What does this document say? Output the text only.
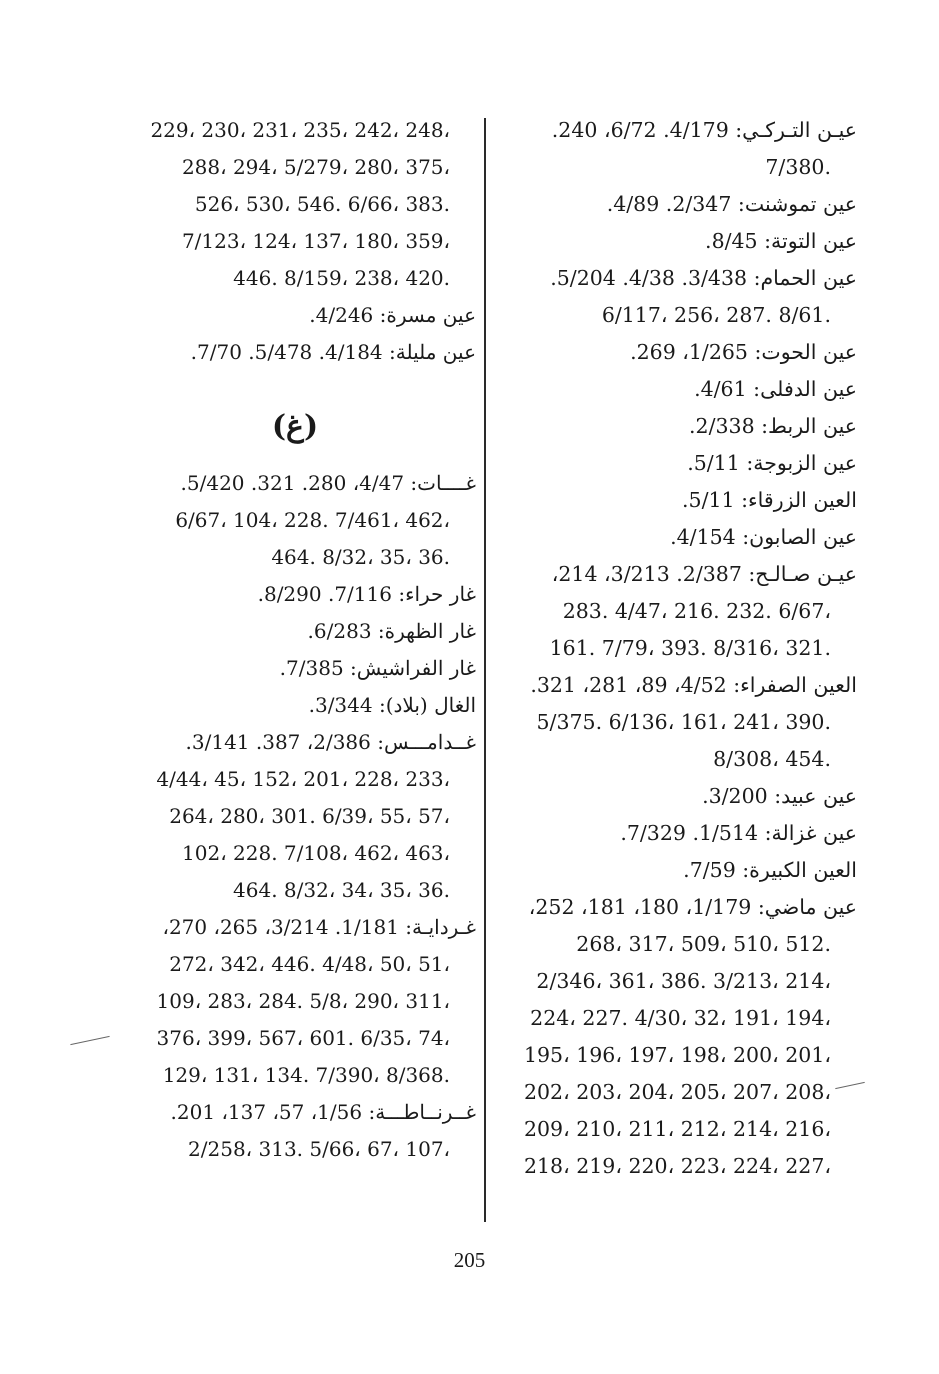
عيـن التـركـي: 4/179. 6/72، 240.
7/380.
عين تموشنت: 2/347. 4/89.
عين التوتة: 8/45.
عين الحمام: 3/438. 4/38. 5/204.
6/117، 256، 287. 8/61.
عين الحوت: 1/265، 269.
عين الدفلى: 4/61.
عين الربط: 2/338.
عين الزبوجة: 5/11.
العين الزرقاء: 5/11.
عين الصابون: 4/154.
عيـن صـالـح: 2/387. 3/213، 214،
283. 4/47، 216. 232. 6/67،
161. 7/79، 393. 8/316، 321.
العين الصفراء: 4/52، 89، 281، 321.
5/375. 6/136، 161، 241، 390.
8/308، 454.
عين عبيد: 3/200.
عين غزالة: 1/514. 7/329.
العين الكبيرة: 7/59.
عين ماضي: 1/179، 180، 181، 252،
268، 317، 509، 510، 512.
2/346، 361، 386. 3/213، 214،
224، 227. 4/30، 32، 191، 194،
195، 196، 197، 198، 200، 201،
202، 203، 204، 205، 207، 208،
209، 210، 211، 212، 214، 216،
218، 219، 220، 223، 224، 227،
229، 230، 231، 235، 242، 248،
288، 294، 5/279، 280، 375،
526، 530، 546. 6/66، 383.
7/123، 124، 137، 180، 359،
446. 8/159، 238، 420.
عين مسرة: 4/246.
عين مليلة: 4/184. 5/478. 7/70.
(غ)
غــــات: 4/47، 280. 321. 5/420.
6/67، 104، 228. 7/461، 462،
464. 8/32، 35، 36.
غار حراء: 7/116. 8/290.
غار الظهرة: 6/283.
غار الفراشيش: 7/385.
الغال (بلاد): 3/344.
غــدامـــس: 2/386، 387. 3/141.
4/44، 45، 152، 201، 228، 233،
264، 280، 301. 6/39، 55، 57،
102، 228. 7/108، 462، 463،
464. 8/32، 34، 35، 36.
غـردايـة: 1/181. 3/214، 265، 270،
272، 342، 446. 4/48، 50، 51،
109، 283، 284. 5/8، 290، 311،
376، 399، 567، 601. 6/35، 74،
129، 131، 134. 7/390، 8/368.
غــرنــاطـــة: 1/56، 57، 137، 201.
2/258، 313. 5/66، 67، 107،
205
